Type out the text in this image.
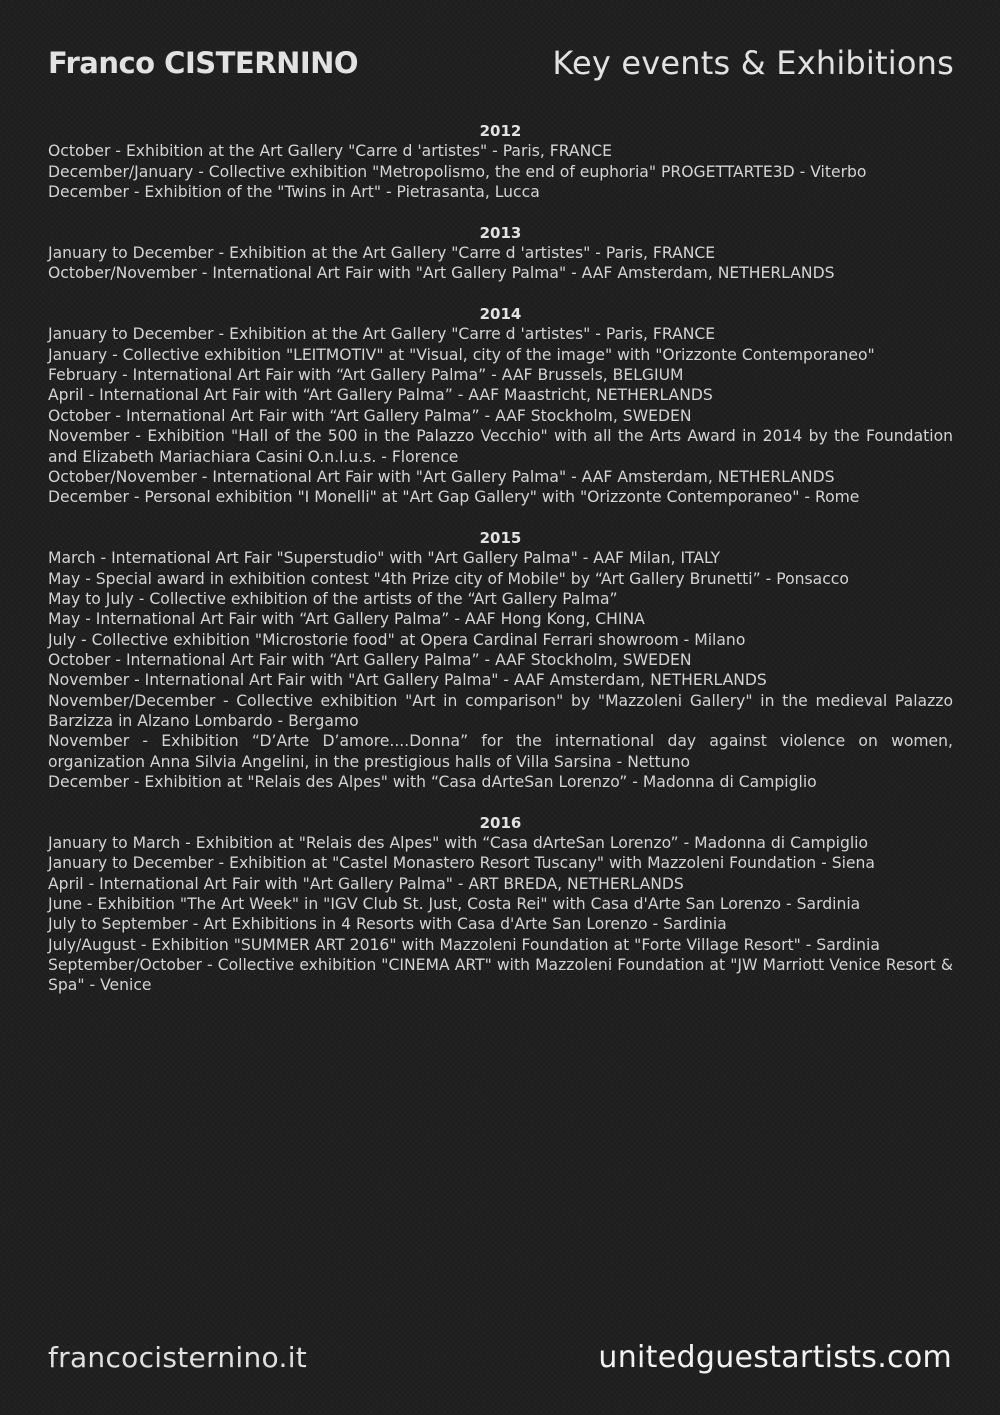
Franco CISTERNINO	Key events & Exhibitions
2012
October - Exhibition at the Art Gallery "Carre d 'artistes" - Paris, FRANCE
December/January - Collective exhibition "Metropolismo, the end of euphoria" PROGETTARTE3D - Viterbo
December - Exhibition of the "Twins in Art" - Pietrasanta, Lucca
2013
January to December - Exhibition at the Art Gallery "Carre d 'artistes" - Paris, FRANCE
October/November - International Art Fair with "Art Gallery Palma" - AAF Amsterdam, NETHERLANDS
2014
January to December - Exhibition at the Art Gallery "Carre d 'artistes" - Paris, FRANCE
January - Collective exhibition "LEITMOTIV" at "Visual, city of the image" with "Orizzonte Contemporaneo"
February - International Art Fair with “Art Gallery Palma” - AAF Brussels, BELGIUM
April - International Art Fair with “Art Gallery Palma” - AAF Maastricht, NETHERLANDS
October - International Art Fair with “Art Gallery Palma” - AAF Stockholm, SWEDEN
November - Exhibition "Hall of the 500 in the Palazzo Vecchio" with all the Arts Award in 2014 by the Foundation and Elizabeth Mariachiara Casini O.n.l.u.s. - Florence
October/November - International Art Fair with "Art Gallery Palma" - AAF Amsterdam, NETHERLANDS
December - Personal exhibition "I Monelli" at "Art Gap Gallery" with "Orizzonte Contemporaneo" - Rome
2015
March - International Art Fair "Superstudio" with "Art Gallery Palma" - AAF Milan, ITALY
May - Special award in exhibition contest "4th Prize city of Mobile" by “Art Gallery Brunetti” - Ponsacco
May to July - Collective exhibition of the artists of the “Art Gallery Palma”
May - International Art Fair with “Art Gallery Palma” - AAF Hong Kong, CHINA
July - Collective exhibition "Microstorie food" at Opera Cardinal Ferrari showroom - Milano
October - International Art Fair with “Art Gallery Palma” - AAF Stockholm, SWEDEN
November - International Art Fair with "Art Gallery Palma" - AAF Amsterdam, NETHERLANDS
November/December - Collective exhibition "Art in comparison" by "Mazzoleni Gallery" in the medieval Palazzo Barzizza in Alzano Lombardo - Bergamo
November - Exhibition “D’Arte D’amore....Donna” for the international day against violence on women, organization Anna Silvia Angelini, in the prestigious halls of Villa Sarsina - Nettuno
December - Exhibition at "Relais des Alpes" with “Casa dArteSan Lorenzo” - Madonna di Campiglio
2016
January to March - Exhibition at "Relais des Alpes" with “Casa dArteSan Lorenzo” - Madonna di Campiglio
January to December - Exhibition at "Castel Monastero Resort Tuscany" with Mazzoleni Foundation - Siena
April - International Art Fair with "Art Gallery Palma" - ART BREDA, NETHERLANDS
June - Exhibition "The Art Week" in "IGV Club St. Just, Costa Rei" with Casa d'Arte San Lorenzo - Sardinia
July to September - Art Exhibitions in 4 Resorts with Casa d'Arte San Lorenzo - Sardinia
July/August - Exhibition "SUMMER ART 2016" with Mazzoleni Foundation at "Forte Village Resort" - Sardinia
September/October - Collective exhibition "CINEMA ART" with Mazzoleni Foundation at "JW Marriott Venice Resort & Spa" - Venice
francocisternino.it	unitedguestartists.com
